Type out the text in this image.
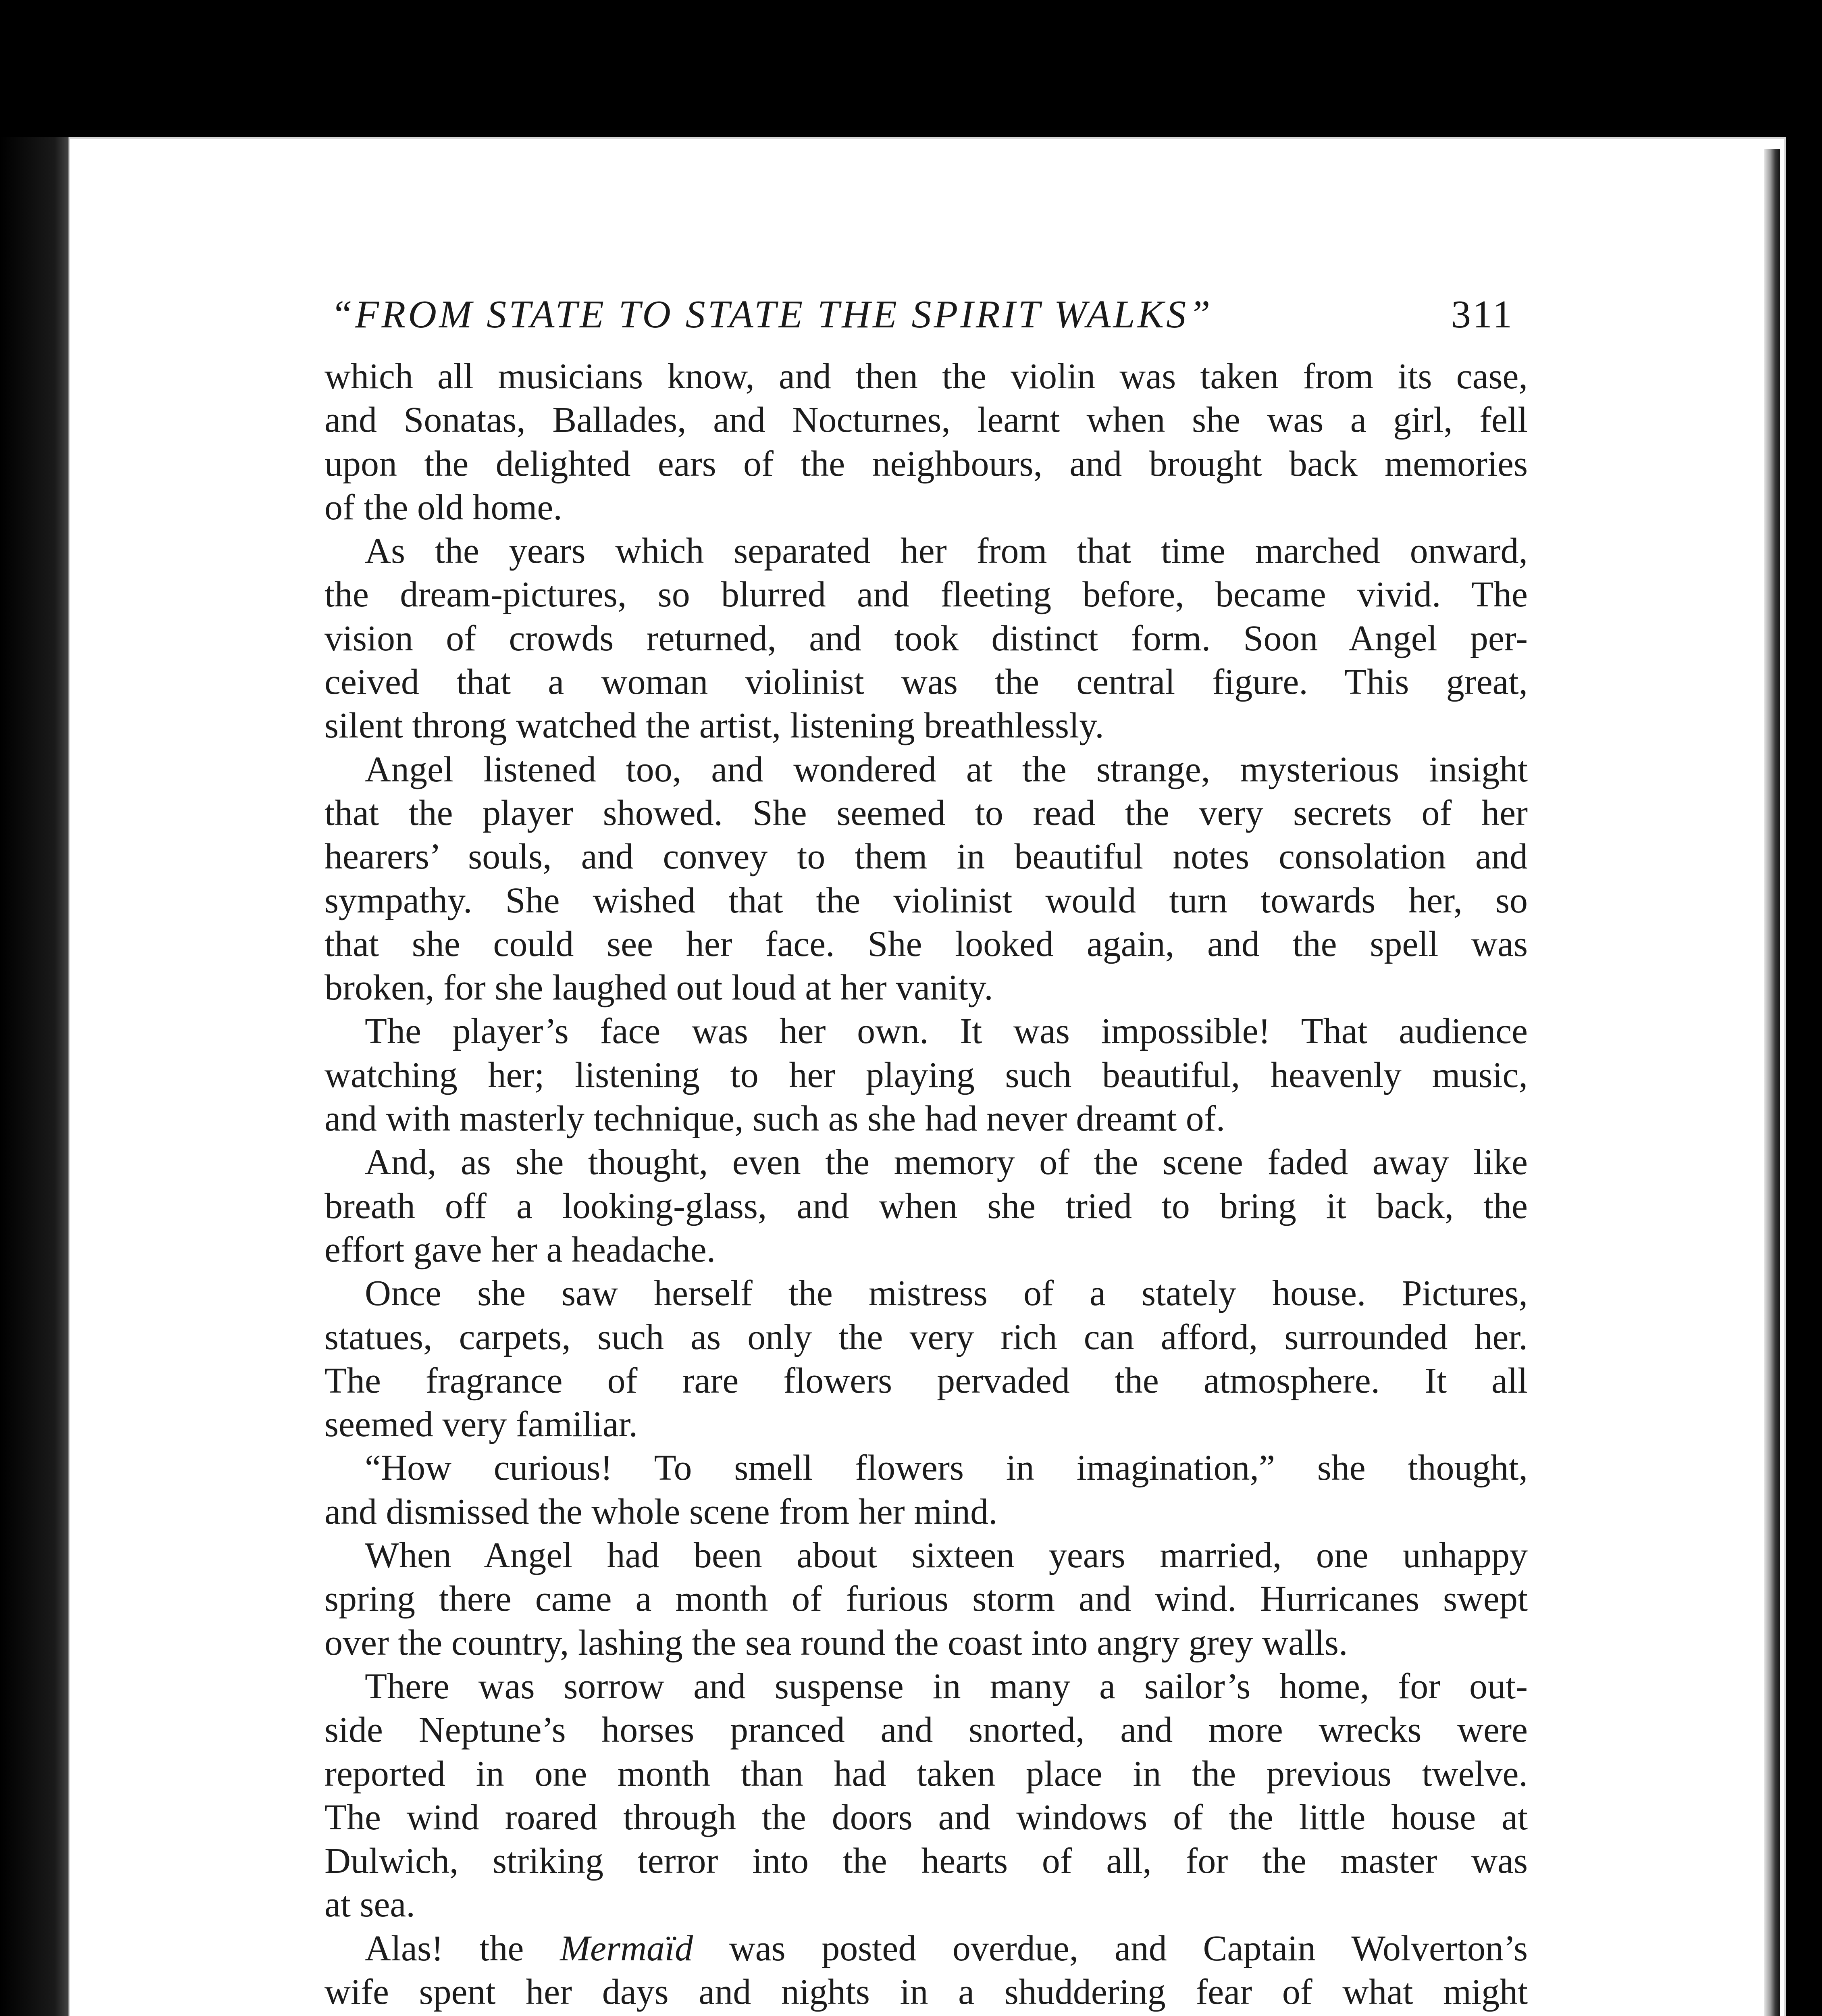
“FROM STATE TO STATE THE SPIRIT WALKS”	311
which all musicians know, and then the violin was taken from its case,
and Sonatas, Ballades, and Nocturnes, learnt when she was a girl, fell
upon the delighted ears of the neighbours, and brought back memories
of the old home.
As the years which separated her from that time marched onward,
the dream-pictures, so blurred and fleeting before, became vivid. The
vision of crowds returned, and took distinct form. Soon Angel per-
ceived that a woman violinist was the central figure. This great,
silent throng watched the artist, listening breathlessly.
Angel listened too, and wondered at the strange, mysterious insight
that the player showed. She seemed to read the very secrets of her
hearers’ souls, and convey to them in beautiful notes consolation and
sympathy. She wished that the violinist would turn towards her, so
that she could see her face. She looked again, and the spell was
broken, for she laughed out loud at her vanity.
The player’s face was her own. It was impossible! That audience
watching her; listening to her playing such beautiful, heavenly music,
and with masterly technique, such as she had never dreamt of.
And, as she thought, even the memory of the scene faded away like
breath off a looking-glass, and when she tried to bring it back, the
effort gave her a headache.
Once she saw herself the mistress of a stately house. Pictures,
statues, carpets, such as only the very rich can afford, surrounded her.
The fragrance of rare flowers pervaded the atmosphere. It all
seemed very familiar.
“How curious! To smell flowers in imagination,” she thought,
and dismissed the whole scene from her mind.
When Angel had been about sixteen years married, one unhappy
spring there came a month of furious storm and wind. Hurricanes swept
over the country, lashing the sea round the coast into angry grey walls.
There was sorrow and suspense in many a sailor’s home, for out-
side Neptune’s horses pranced and snorted, and more wrecks were
reported in one month than had taken place in the previous twelve.
The wind roared through the doors and windows of the little house at
Dulwich, striking terror into the hearts of all, for the master was
at sea.
Alas! the Mermaïd was posted overdue, and Captain Wolverton’s
wife spent her days and nights in a shuddering fear of what might
